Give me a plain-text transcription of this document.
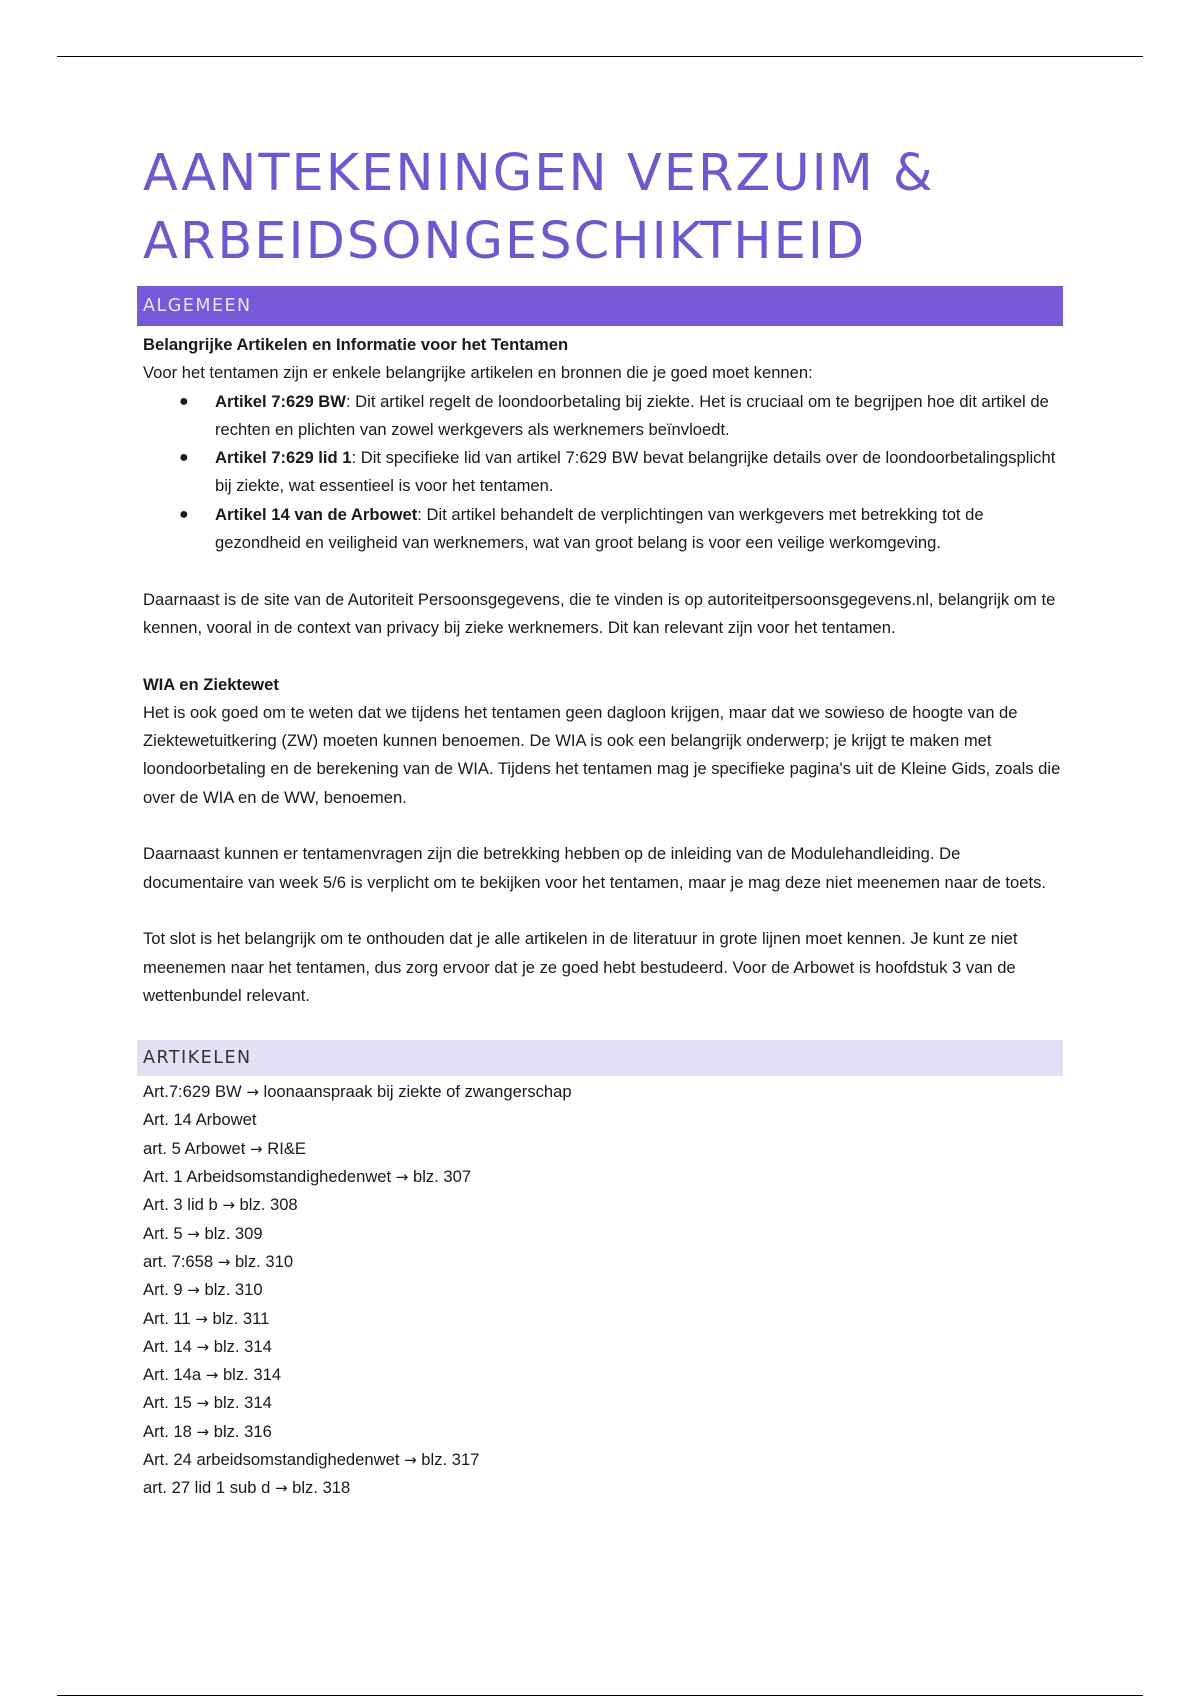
AANTEKENINGEN VERZUIM &
ARBEIDSONGESCHIKTHEID
ALGEMEEN

Belangrijke Artikelen en Informatie voor het Tentamen

Voor het tentamen zijn er enkele belangrijke artikelen en bronnen die je goed moet kennen:

● Artikel 7:629 BW: Dit artikel regelt de loondoorbetaling bij ziekte. Het is cruciaal om te begrijpen hoe dit artikel de rechten en plichten van zowel werkgevers als werknemers beïnvloedt.
● Artikel 7:629 lid 1: Dit specifieke lid van artikel 7:629 BW bevat belangrijke details over de loondoorbetalingsplicht bij ziekte, wat essentieel is voor het tentamen.
● Artikel 14 van de Arbowet: Dit artikel behandelt de verplichtingen van werkgevers met betrekking tot de gezondheid en veiligheid van werknemers, wat van groot belang is voor een veilige werkomgeving.

Daarnaast is de site van de Autoriteit Persoonsgegevens, die te vinden is op autoriteitpersoonsgegevens.nl, belangrijk om te kennen, vooral in de context van privacy bij zieke werknemers. Dit kan relevant zijn voor het tentamen.

WIA en Ziektewet

Het is ook goed om te weten dat we tijdens het tentamen geen dagloon krijgen, maar dat we sowieso de hoogte van de Ziektewetuitkering (ZW) moeten kunnen benoemen. De WIA is ook een belangrijk onderwerp; je krijgt te maken met loondoorbetaling en de berekening van de WIA. Tijdens het tentamen mag je specifieke pagina's uit de Kleine Gids, zoals die over de WIA en de WW, benoemen.

Daarnaast kunnen er tentamenvragen zijn die betrekking hebben op de inleiding van de Modulehandleiding. De documentaire van week 5/6 is verplicht om te bekijken voor het tentamen, maar je mag deze niet meenemen naar de toets.

Tot slot is het belangrijk om te onthouden dat je alle artikelen in de literatuur in grote lijnen moet kennen. Je kunt ze niet meenemen naar het tentamen, dus zorg ervoor dat je ze goed hebt bestudeerd. Voor de Arbowet is hoofdstuk 3 van de wettenbundel relevant.

ARTIKELEN
Art.7:629 BW → loonaanspraak bij ziekte of zwangerschap
Art. 14 Arbowet
art. 5 Arbowet → RI&E
Art. 1 Arbeidsomstandighedenwet → blz. 307
Art. 3 lid b → blz. 308
Art. 5 → blz. 309
art. 7:658 → blz. 310
Art. 9 → blz. 310
Art. 11 → blz. 311
Art. 14 → blz. 314
Art. 14a → blz. 314
Art. 15 → blz. 314
Art. 18 → blz. 316
Art. 24 arbeidsomstandighedenwet → blz. 317
art. 27 lid 1 sub d → blz. 318
